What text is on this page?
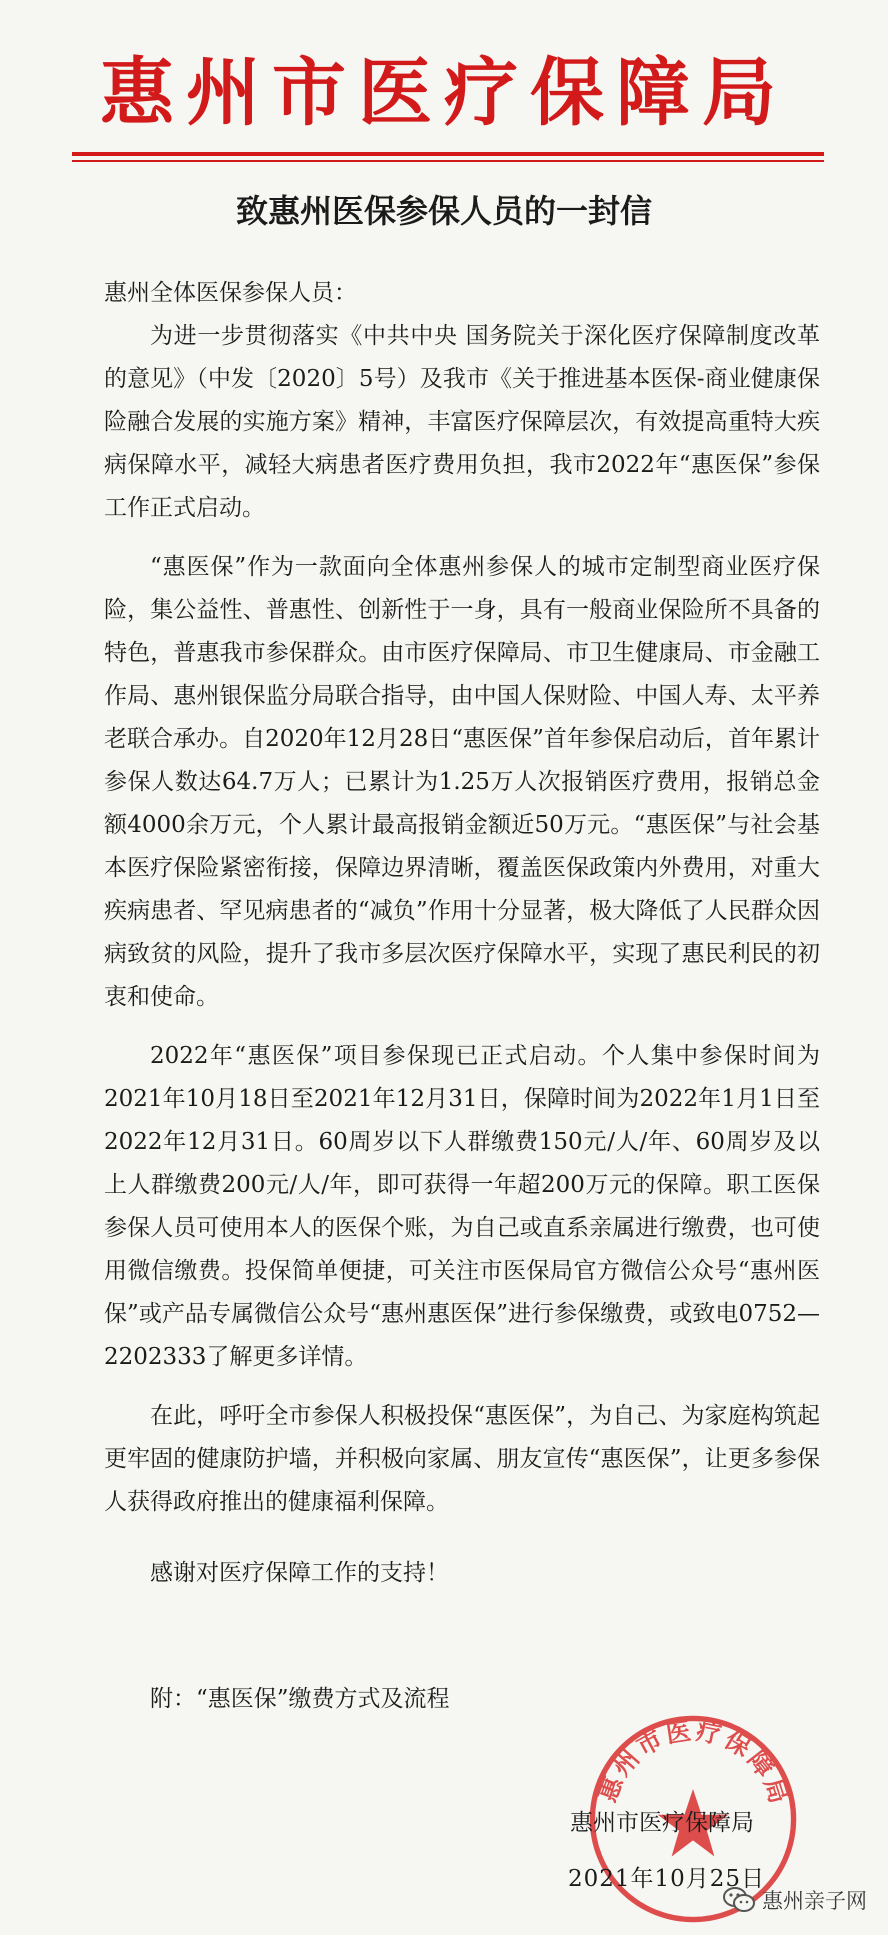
惠州市医疗保障局
致惠州医保参保人员的一封信

惠州全体医保参保人员：

为进一步贯彻落实《中共中央 国务院关于深化医疗保障制度改革的意见》（中发〔2020〕5号）及我市《关于推进基本医保-商业健康保险融合发展的实施方案》精神，丰富医疗保障层次，有效提高重特大疾病保障水平，减轻大病患者医疗费用负担，我市2022年“惠医保”参保工作正式启动。

“惠医保”作为一款面向全体惠州参保人的城市定制型商业医疗保险，集公益性、普惠性、创新性于一身，具有一般商业保险所不具备的特色，普惠我市参保群众。由市医疗保障局、市卫生健康局、市金融工作局、惠州银保监分局联合指导，由中国人保财险、中国人寿、太平养老联合承办。自2020年12月28日“惠医保”首年参保启动后，首年累计参保人数达64.7万人；已累计为1.25万人次报销医疗费用，报销总金额4000余万元，个人累计最高报销金额近50万元。“惠医保”与社会基本医疗保险紧密衔接，保障边界清晰，覆盖医保政策内外费用，对重大疾病患者、罕见病患者的“减负”作用十分显著，极大降低了人民群众因病致贫的风险，提升了我市多层次医疗保障水平，实现了惠民利民的初衷和使命。

2022年“惠医保”项目参保现已正式启动。个人集中参保时间为2021年10月18日至2021年12月31日，保障时间为2022年1月1日至2022年12月31日。60周岁以下人群缴费150元/人/年、60周岁及以上人群缴费200元/人/年，即可获得一年超200万元的保障。职工医保参保人员可使用本人的医保个账，为自己或直系亲属进行缴费，也可使用微信缴费。投保简单便捷，可关注市医保局官方微信公众号“惠州医保”或产品专属微信公众号“惠州惠医保”进行参保缴费，或致电0752—2202333了解更多详情。

在此，呼吁全市参保人积极投保“惠医保”，为自己、为家庭构筑起更牢固的健康防护墙，并积极向家属、朋友宣传“惠医保”，让更多参保人获得政府推出的健康福利保障。

感谢对医疗保障工作的支持！

附：“惠医保”缴费方式及流程
惠州市医疗保障局
惠州市医疗保障局
2021年10月25日
惠州亲子网
